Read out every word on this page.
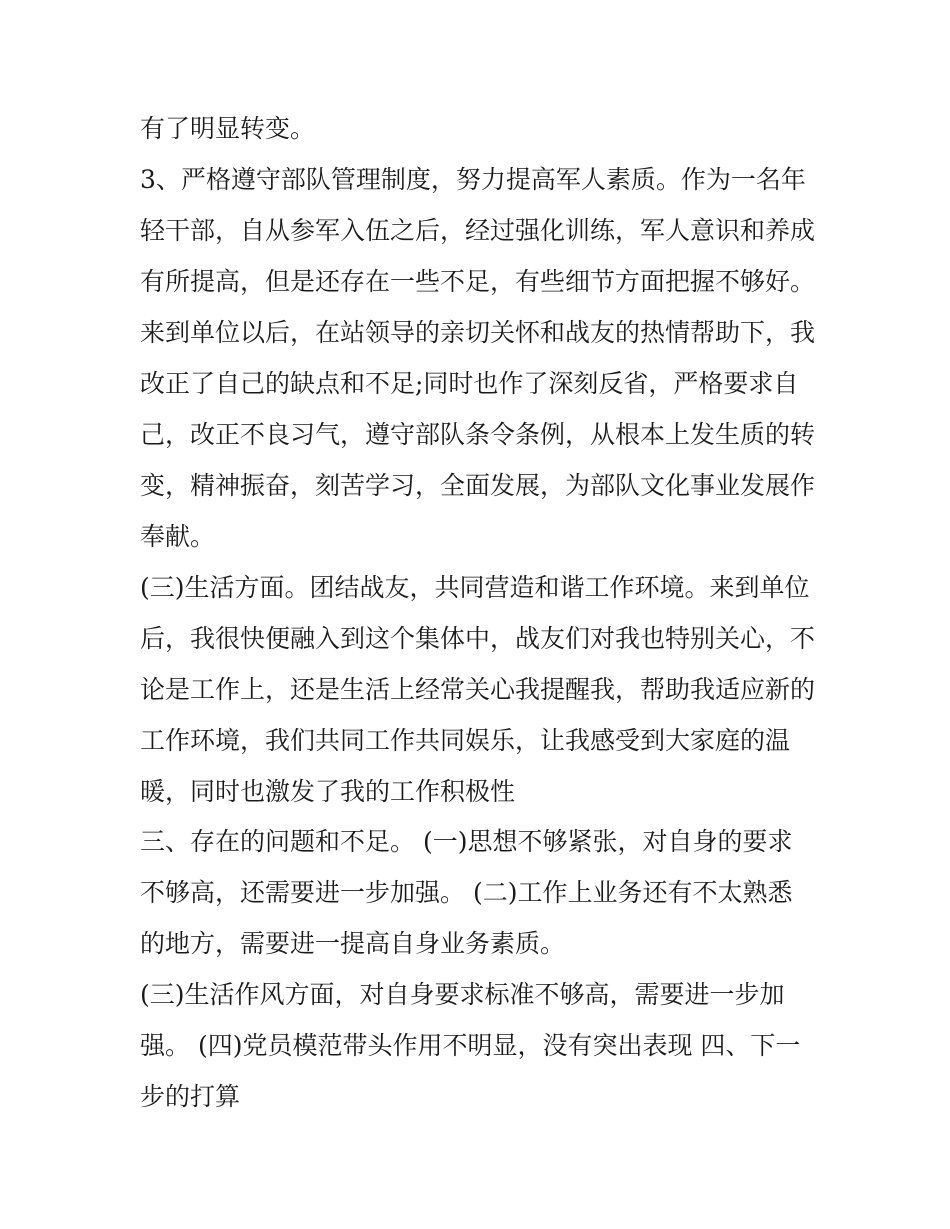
有了明显转变。
3、严格遵守部队管理制度，努力提高军人素质。作为一名年
轻干部，自从参军入伍之后，经过强化训练，军人意识和养成
有所提高，但是还存在一些不足，有些细节方面把握不够好。
来到单位以后，在站领导的亲切关怀和战友的热情帮助下，我
改正了自己的缺点和不足;同时也作了深刻反省，严格要求自
己，改正不良习气，遵守部队条令条例，从根本上发生质的转
变，精神振奋，刻苦学习，全面发展，为部队文化事业发展作
奉献。
(三)生活方面。团结战友，共同营造和谐工作环境。来到单位
后，我很快便融入到这个集体中，战友们对我也特别关心，不
论是工作上，还是生活上经常关心我提醒我，帮助我适应新的
工作环境，我们共同工作共同娱乐，让我感受到大家庭的温
暖，同时也激发了我的工作积极性
三、存在的问题和不足。 (一)思想不够紧张，对自身的要求
不够高，还需要进一步加强。 (二)工作上业务还有不太熟悉
的地方，需要进一提高自身业务素质。
(三)生活作风方面，对自身要求标准不够高，需要进一步加
强。 (四)党员模范带头作用不明显，没有突出表现 四、下一
步的打算
